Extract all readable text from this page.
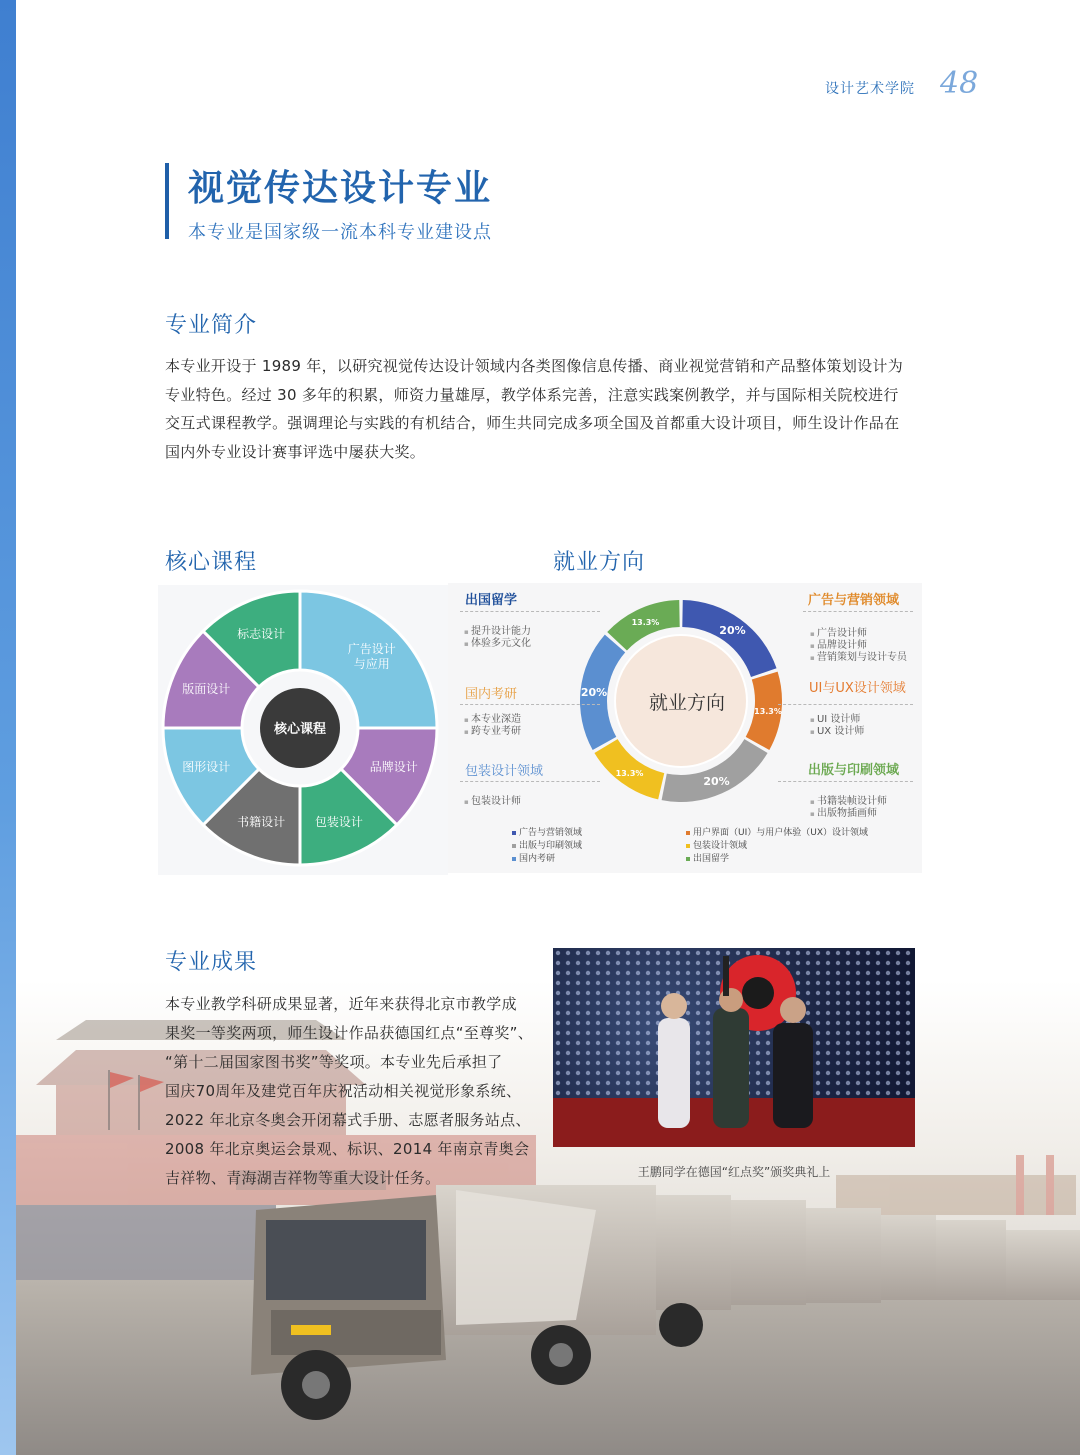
设计艺术学院 48
视觉传达设计专业
本专业是国家级一流本科专业建设点
专业简介
本专业开设于 1989 年，以研究视觉传达设计领域内各类图像信息传播、商业视觉营销和产品整体策划设计为
专业特色。经过 30 多年的积累，师资力量雄厚，教学体系完善，注意实践案例教学，并与国际相关院校进行
交互式课程教学。强调理论与实践的有机结合，师生共同完成多项全国及首都重大设计项目，师生设计作品在
国内外专业设计赛事评选中屡获大奖。
核心课程	就业方向
广告设计与应用
品牌设计
包装设计
书籍设计
图形设计
版面设计
标志设计
核心课程
20%
13.3%
20%
13.3%
20%
13.3%
就业方向
出国留学
▪ 提升设计能力
▪ 体验多元文化
国内考研
▪ 本专业深造
▪ 跨专业考研
包装设计领域
▪ 包装设计师
广告与营销领域
▪ 广告设计师
▪ 品牌设计师
▪ 营销策划与设计专员
UI与UX设计领域
▪ UI 设计师
▪ UX 设计师
出版与印刷领域
▪ 书籍装帧设计师
▪ 出版物插画师
广告与营销领域
出版与印刷领域
国内考研
用户界面（UI）与用户体验（UX）设计领域
包装设计领域
出国留学
专业成果
本专业教学科研成果显著，近年来获得北京市教学成
果奖一等奖两项，师生设计作品获德国红点“至尊奖”、
“第十二届国家图书奖”等奖项。本专业先后承担了
国庆70周年及建党百年庆祝活动相关视觉形象系统、
2022 年北京冬奥会开闭幕式手册、志愿者服务站点、
2008 年北京奥运会景观、标识、2014 年南京青奥会
吉祥物、青海湖吉祥物等重大设计任务。	王鹏同学在德国“红点奖”颁奖典礼上
